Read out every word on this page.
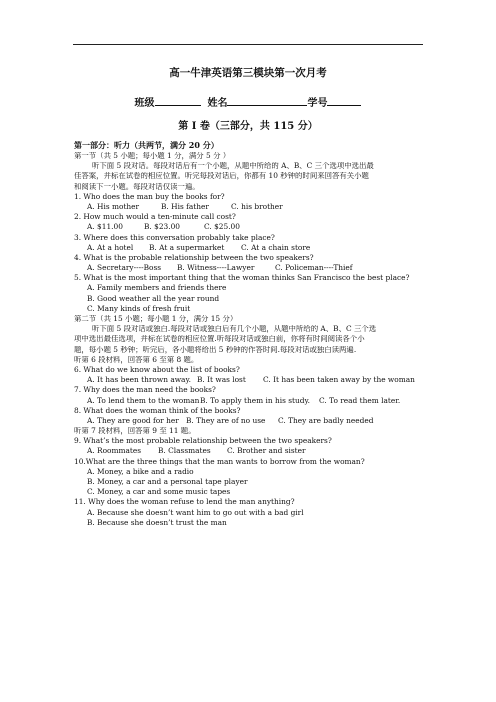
高一牛津英语第三模块第一次月考
班级	姓名	学号
第 I 卷（三部分，共 115 分）
第一部分：听力（共两节，满分 20 分）
第一节（共 5 小题；每小题 1 分，满分 5 分 ）
听下面 5 段对话。每段对话后有一个小题，从题中所给的 A、B、C 三个选项中选出最
佳答案，并标在试卷的相应位置。听完每段对话后，你都有 10 秒钟的时间来回答有关小题
和阅读下一小题。每段对话仅读一遍。
1. Who does the man buy the books for?
A. His mother	B. His father	C. his brother
2. How much would a ten-minute call cost?
A. $11.00	B. $23.00	C. $25.00
3. Where does this conversation probably take place?
A. At a hotel B. At a supermarket C. At a chain store
4. What is the probable relationship between the two speakers?
A. Secretary----Boss B. Witness----Lawyer	C. Policeman----Thief
5. What is the most important thing that the woman thinks San Francisco the best place?
A. Family members and friends there
B. Good weather all the year round
C. Many kinds of fresh fruit
第二节（共 15 小题；每小题 1 分，满分 15 分）
听下面 5 段对话或独白.每段对话或独白后有几个小题，从题中所给的 A、B、C 三个选
项中选出最佳选项，并标在试卷的相应位置.听每段对话或独白前，你将有时间阅读各个小
题，每小题 5 秒钟；听完后，各小题将给出 5 秒钟的作答时间.每段对话或独白读两遍.
听第 6 段材料，回答第 6 至第 8 题。
6. What do we know about the list of books?
A. It has been thrown away. B. It was lost C. It has been taken away by the woman
7. Why does the man need the books?
A. To lend them to the womanB. To apply them in his study. C. To read them later.
8. What does the woman think of the books?
A. They are good for her B. They are of no use C. They are badly needed
听第 7 段材料，回答第 9 至 11 题。
9. What’s the most probable relationship between the two speakers?
A. Roommates B. Classmates C. Brother and sister
10.What are the three things that the man wants to borrow from the woman?
A. Money, a bike and a radio
B. Money, a car and a personal tape player
C. Money, a car and some music tapes
11. Why does the woman refuse to lend the man anything?
A. Because she doesn’t want him to go out with a bad girl
B. Because she doesn’t trust the man
